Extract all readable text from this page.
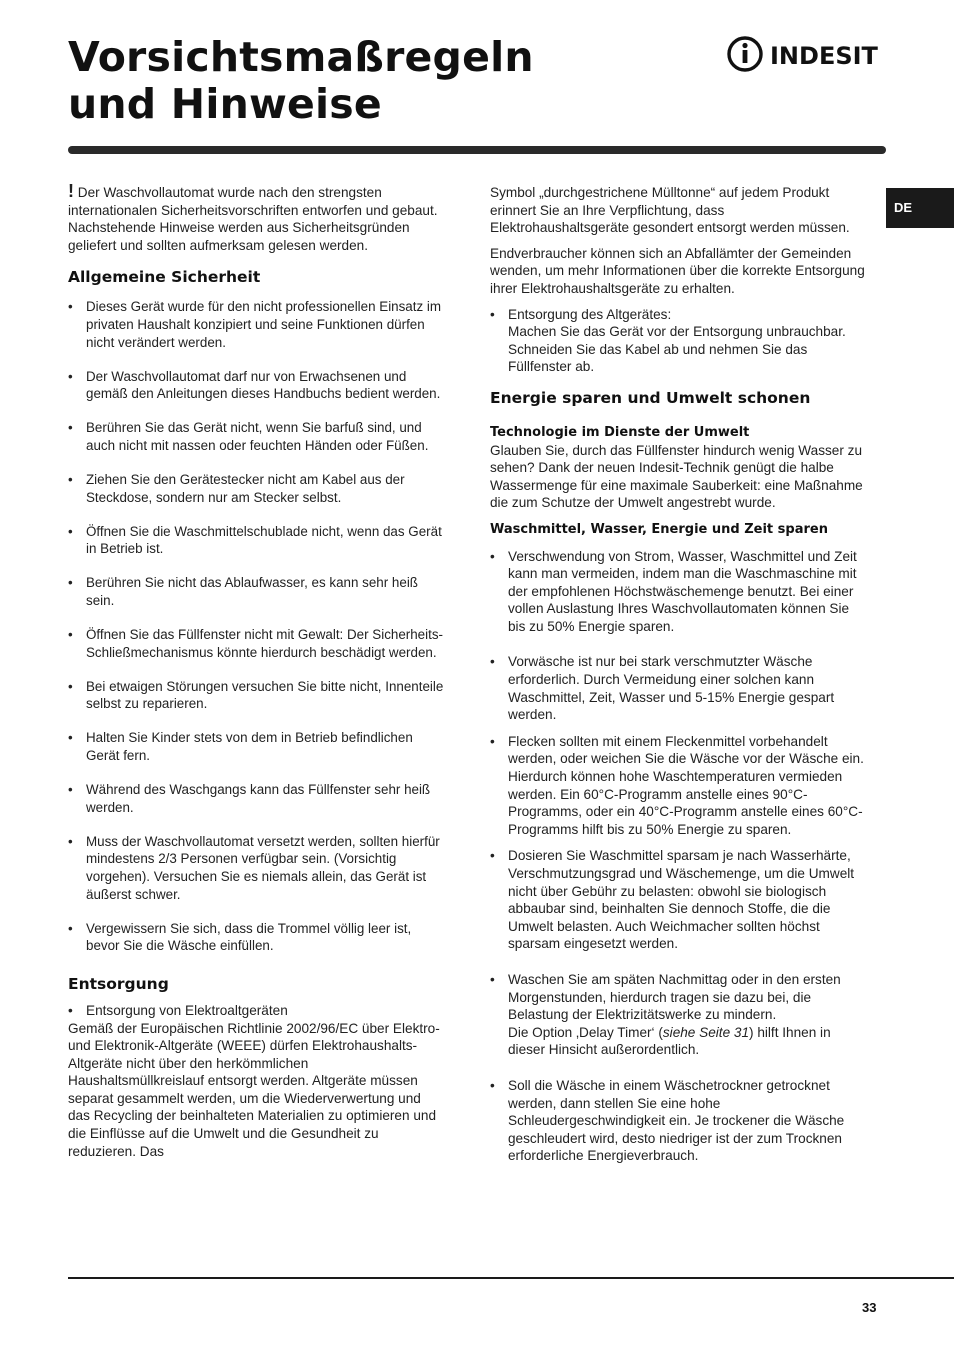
Vorsichtsmaßregeln
und Hinweise
INDESIT
DE

! Der Waschvollautomat wurde nach den strengsten internationalen Sicherheitsvorschriften entworfen und gebaut. Nachstehende Hinweise werden aus Sicherheitsgründen geliefert und sollten aufmerksam gelesen werden.

Allgemeine Sicherheit
• Dieses Gerät wurde für den nicht professionellen Einsatz im privaten Haushalt konzipiert und seine Funktionen dürfen nicht verändert werden.
• Der Waschvollautomat darf nur von Erwachsenen und gemäß den Anleitungen dieses Handbuchs bedient werden.
• Berühren Sie das Gerät nicht, wenn Sie barfuß sind, und auch nicht mit nassen oder feuchten Händen oder Füßen.
• Ziehen Sie den Gerätestecker nicht am Kabel aus der Steckdose, sondern nur am Stecker selbst.
• Öffnen Sie die Waschmittelschublade nicht, wenn das Gerät in Betrieb ist.
• Berühren Sie nicht das Ablaufwasser, es kann sehr heiß sein.
• Öffnen Sie das Füllfenster nicht mit Gewalt: Der Sicherheits-Schließmechanismus könnte hierdurch beschädigt werden.
• Bei etwaigen Störungen versuchen Sie bitte nicht, Innenteile selbst zu reparieren.
• Halten Sie Kinder stets von dem in Betrieb befindlichen Gerät fern.
• Während des Waschgangs kann das Füllfenster sehr heiß werden.
• Muss der Waschvollautomat versetzt werden, sollten hierfür mindestens 2/3 Personen verfügbar sein. (Vorsichtig vorgehen). Versuchen Sie es niemals allein, das Gerät ist äußerst schwer.
• Vergewissern Sie sich, dass die Trommel völlig leer ist, bevor Sie die Wäsche einfüllen.
Entsorgung
• Entsorgung von Elektroaltgeräten

Gemäß der Europäischen Richtlinie 2002/96/EC über Elektro- und Elektronik-Altgeräte (WEEE) dürfen Elektrohaushalts-Altgeräte nicht über den herkömmlichen Haushaltsmüllkreislauf entsorgt werden. Altgeräte müssen separat gesammelt werden, um die Wiederverwertung und das Recycling der beinhalteten Materialien zu optimieren und die Einflüsse auf die Umwelt und die Gesundheit zu reduzieren. Das

Symbol „durchgestrichene Mülltonne“ auf jedem Produkt erinnert Sie an Ihre Verpflichtung, dass Elektrohaushaltsgeräte gesondert entsorgt werden müssen.

Endverbraucher können sich an Abfallämter der Gemeinden wenden, um mehr Informationen über die korrekte Entsorgung ihrer Elektrohaushaltsgeräte zu erhalten.

• Entsorgung des Altgerätes:
Machen Sie das Gerät vor der Entsorgung unbrauchbar. Schneiden Sie das Kabel ab und nehmen Sie das Füllfenster ab.
Energie sparen und Umwelt schonen
Technologie im Dienste der Umwelt

Glauben Sie, durch das Füllfenster hindurch wenig Wasser zu sehen? Dank der neuen Indesit-Technik genügt die halbe Wassermenge für eine maximale Sauberkeit: eine Maßnahme die zum Schutze der Umwelt angestrebt wurde.

Waschmittel, Wasser, Energie und Zeit sparen
• Verschwendung von Strom, Wasser, Waschmittel und Zeit kann man vermeiden, indem man die Waschmaschine mit der empfohlenen Höchstwäschemenge benutzt. Bei einer vollen Auslastung Ihres Waschvollautomaten können Sie bis zu 50% Energie sparen.
• Vorwäsche ist nur bei stark verschmutzter Wäsche erforderlich. Durch Vermeidung einer solchen kann Waschmittel, Zeit, Wasser und 5-15% Energie gespart werden.
• Flecken sollten mit einem Fleckenmittel vorbehandelt werden, oder weichen Sie die Wäsche vor der Wäsche ein. Hierdurch können hohe Waschtemperaturen vermieden werden. Ein 60°C-Programm anstelle eines 90°C-Programms, oder ein 40°C-Programm anstelle eines 60°C-Programms hilft bis zu 50% Energie zu sparen.
• Dosieren Sie Waschmittel sparsam je nach Wasserhärte, Verschmutzungsgrad und Wäschemenge, um die Umwelt nicht über Gebühr zu belasten: obwohl sie biologisch abbaubar sind, beinhalten Sie dennoch Stoffe, die die Umwelt belasten. Auch Weichmacher sollten höchst sparsam eingesetzt werden.
• Waschen Sie am späten Nachmittag oder in den ersten Morgenstunden, hierdurch tragen sie dazu bei, die Belastung der Elektrizitätswerke zu mindern.
Die Option ‚Delay Timer‘ (siehe Seite 31) hilft Ihnen in dieser Hinsicht außerordentlich.
• Soll die Wäsche in einem Wäschetrockner getrocknet werden, dann stellen Sie eine hohe Schleudergeschwindigkeit ein. Je trockener die Wäsche geschleudert wird, desto niedriger ist der zum Trocknen erforderliche Energieverbrauch.
33
